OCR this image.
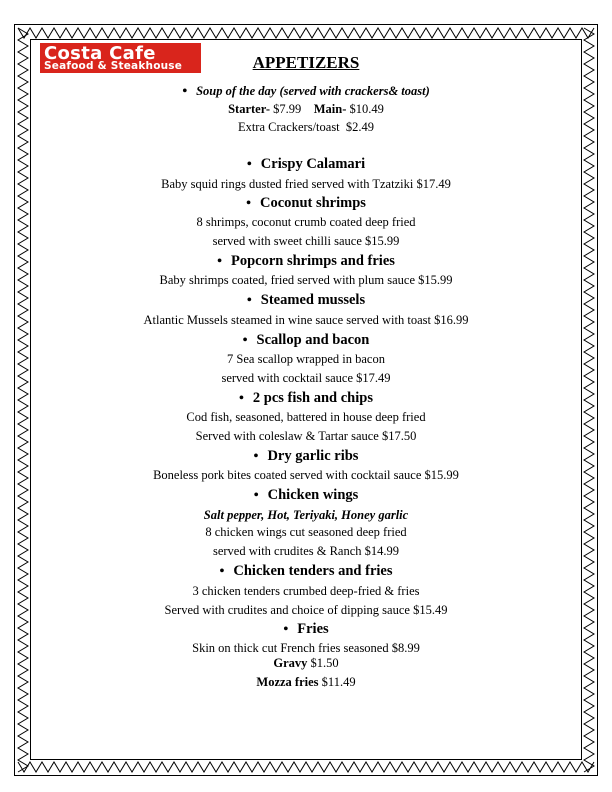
Costa Cafe
Seafood & Steakhouse	APPETIZERS
• Soup of the day (served with crackers& toast)
Starter- $7.99 Main- $10.49
Extra Crackers/toast  $2.49
• Crispy Calamari
Baby squid rings dusted fried served with Tzatziki $17.49
• Coconut shrimps
8 shrimps, coconut crumb coated deep fried
served with sweet chilli sauce $15.99
• Popcorn shrimps and fries
Baby shrimps coated, fried served with plum sauce $15.99
• Steamed mussels
Atlantic Mussels steamed in wine sauce served with toast $16.99
• Scallop and bacon
7 Sea scallop wrapped in bacon
served with cocktail sauce $17.49
• 2 pcs fish and chips
Cod fish, seasoned, battered in house deep fried
Served with coleslaw & Tartar sauce $17.50
• Dry garlic ribs
Boneless pork bites coated served with cocktail sauce $15.99
• Chicken wings
Salt pepper, Hot, Teriyaki, Honey garlic
8 chicken wings cut seasoned deep fried
served with crudites & Ranch $14.99
• Chicken tenders and fries
3 chicken tenders crumbed deep-fried & fries
Served with crudites and choice of dipping sauce $15.49
• Fries
Skin on thick cut French fries seasoned $8.99
Gravy $1.50
Mozza fries $11.49
